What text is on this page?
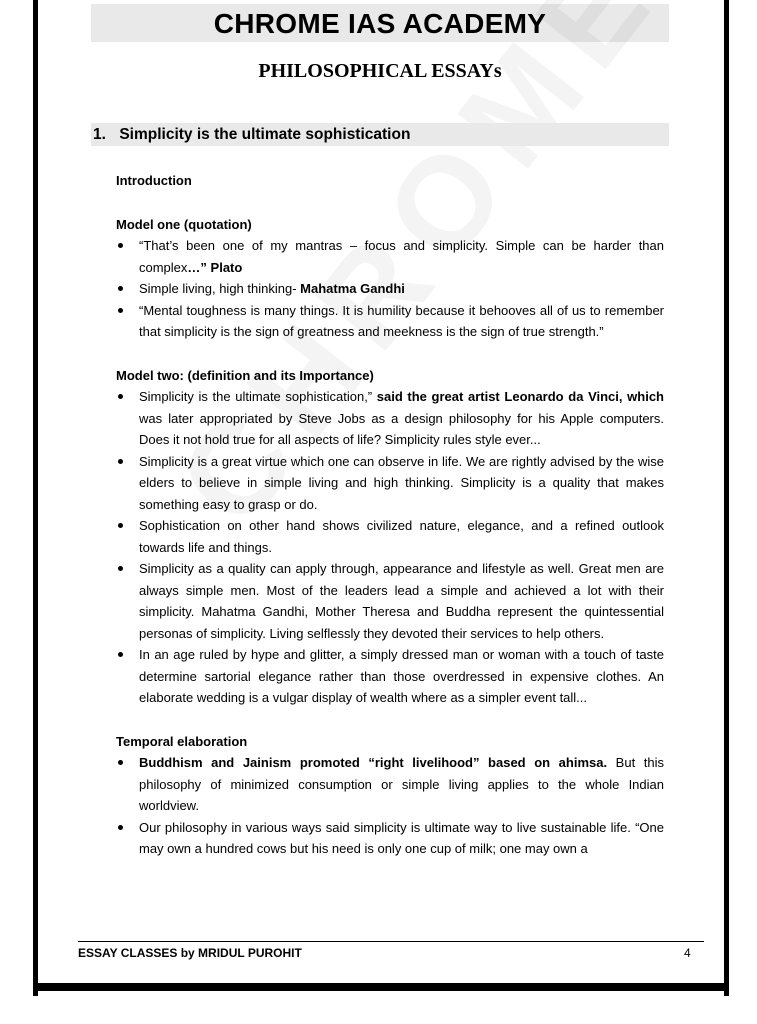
CHROME IAS ACADEMY
PHILOSOPHICAL ESSAYs
1. Simplicity is the ultimate sophistication

Introduction

Model one (quotation)

“That’s been one of my mantras – focus and simplicity. Simple can be harder than complex…” Plato
Simple living, high thinking- Mahatma Gandhi
“Mental toughness is many things. It is humility because it behooves all of us to remember that simplicity is the sign of greatness and meekness is the sign of true strength.”

Model two: (definition and its Importance)

Simplicity is the ultimate sophistication,” said the great artist Leonardo da Vinci, which was later appropriated by Steve Jobs as a design philosophy for his Apple computers. Does it not hold true for all aspects of life? Simplicity rules style ever...
Simplicity is a great virtue which one can observe in life. We are rightly advised by the wise elders to believe in simple living and high thinking. Simplicity is a quality that makes something easy to grasp or do.
Sophistication on other hand shows civilized nature, elegance, and a refined outlook towards life and things.
Simplicity as a quality can apply through, appearance and lifestyle as well. Great men are always simple men. Most of the leaders lead a simple and achieved a lot with their simplicity. Mahatma Gandhi, Mother Theresa and Buddha represent the quintessential personas of simplicity. Living selflessly they devoted their services to help others.
In an age ruled by hype and glitter, a simply dressed man or woman with a touch of taste determine sartorial elegance rather than those overdressed in expensive clothes. An elaborate wedding is a vulgar display of wealth where as a simpler event tall...

Temporal elaboration

Buddhism and Jainism promoted “right livelihood” based on ahimsa. But this philosophy of minimized consumption or simple living applies to the whole Indian worldview.
Our philosophy in various ways said simplicity is ultimate way to live sustainable life. “One may own a hundred cows but his need is only one cup of milk; one may own a
ESSAY CLASSES by MRIDUL PUROHIT	4
